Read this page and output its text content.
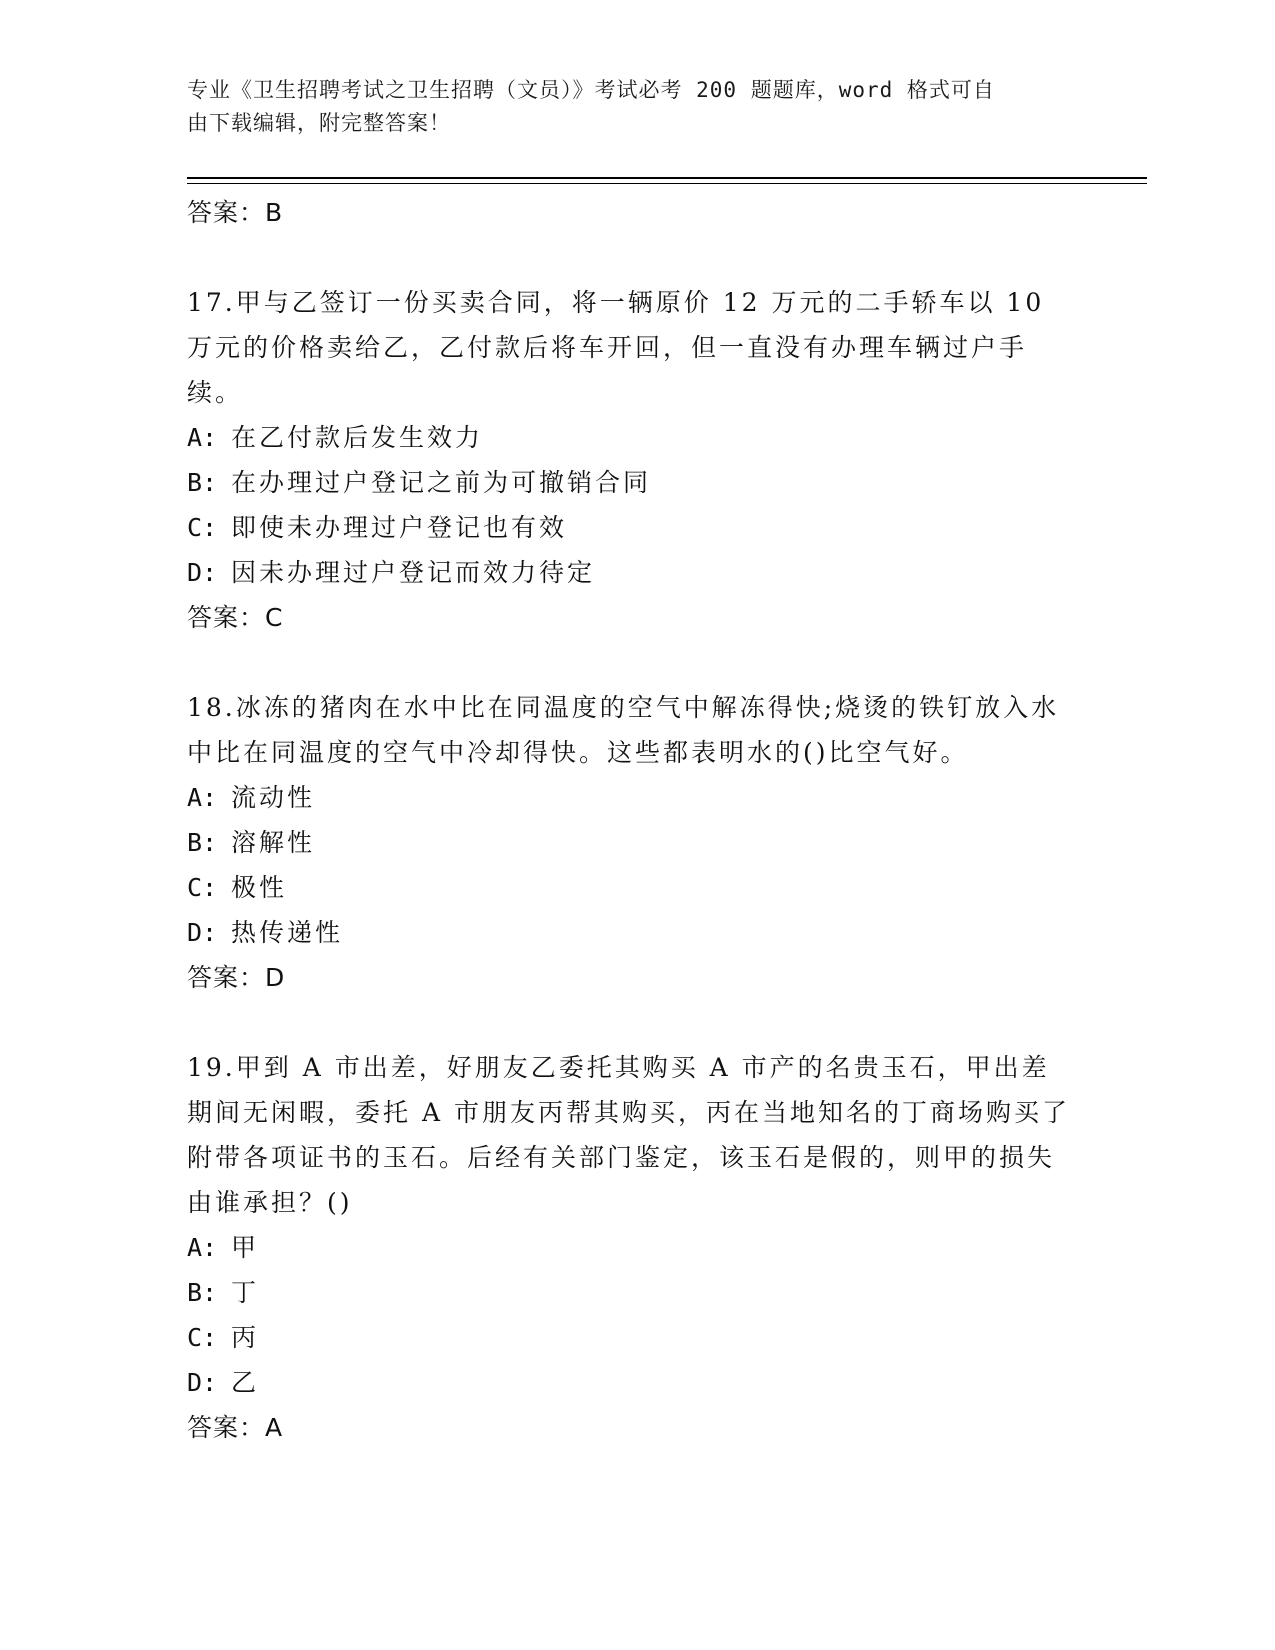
专业《卫生招聘考试之卫生招聘（文员）》考试必考 200 题题库，word 格式可自
由下载编辑，附完整答案！
答案：B
17.甲与乙签订一份买卖合同，将一辆原价 12 万元的二手轿车以 10 万元的价格卖给乙，乙付款后将车开回，但一直没有办理车辆过户手续。
A: 在乙付款后发生效力
B: 在办理过户登记之前为可撤销合同
C: 即使未办理过户登记也有效
D: 因未办理过户登记而效力待定
答案：C
18.冰冻的猪肉在水中比在同温度的空气中解冻得快;烧烫的铁钉放入水中比在同温度的空气中冷却得快。这些都表明水的()比空气好。
A: 流动性
B: 溶解性
C: 极性
D: 热传递性
答案：D
19.甲到 A 市出差，好朋友乙委托其购买 A 市产的名贵玉石，甲出差期间无闲暇，委托 A 市朋友丙帮其购买，丙在当地知名的丁商场购买了附带各项证书的玉石。后经有关部门鉴定，该玉石是假的，则甲的损失由谁承担？()
A: 甲
B: 丁
C: 丙
D: 乙
答案：A
